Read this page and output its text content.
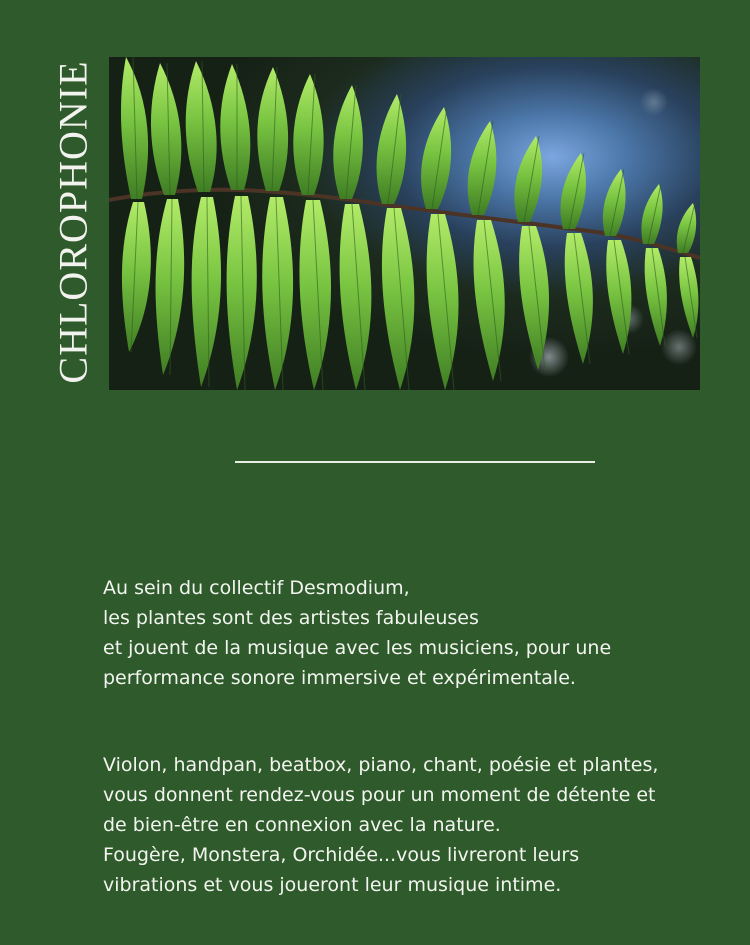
CHLOROPHONIE

Au sein du collectif Desmodium,

les plantes sont des artistes fabuleuses

et jouent de la musique avec les musiciens, pour une

performance sonore immersive et expérimentale.

Violon, handpan, beatbox, piano, chant, poésie et plantes,

vous donnent rendez-vous pour un moment de détente et

de bien-être en connexion avec la nature.

Fougère, Monstera, Orchidée...vous livreront leurs

vibrations et vous joueront leur musique intime.
